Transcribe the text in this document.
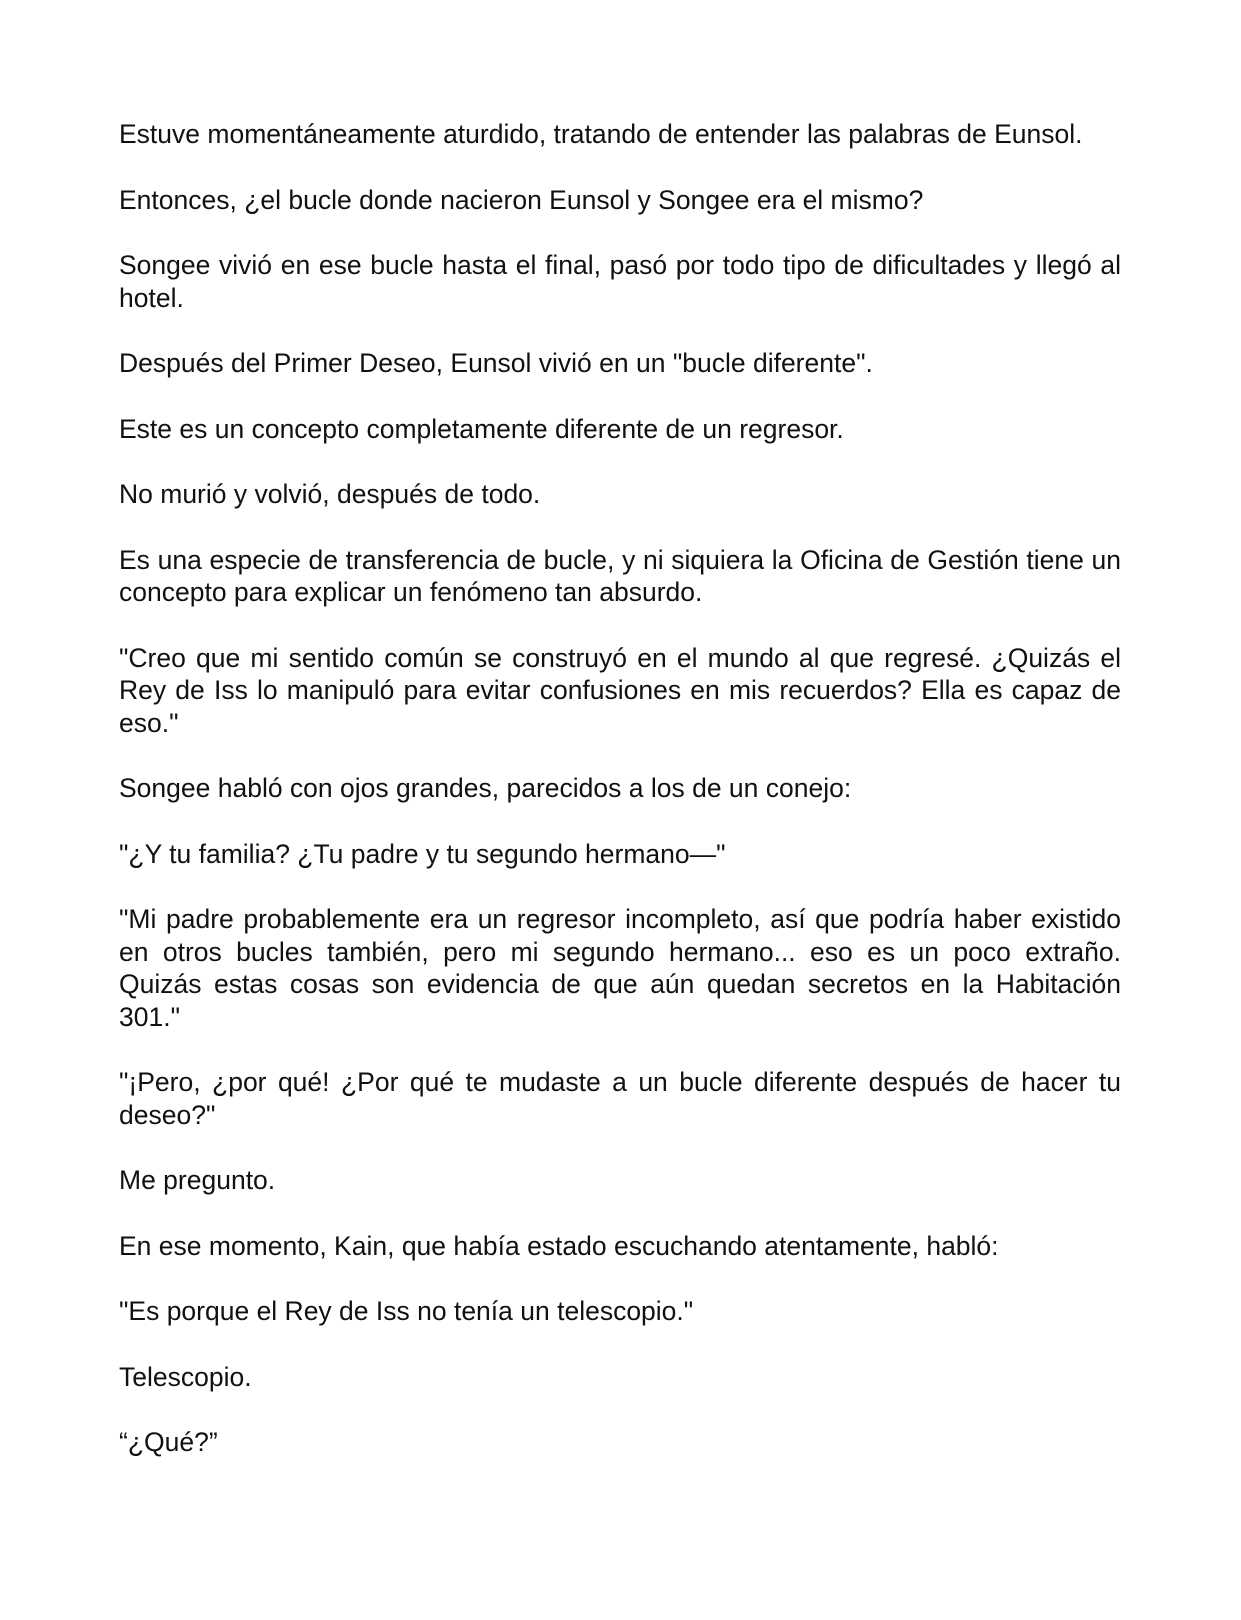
Estuve momentáneamente aturdido, tratando de entender las palabras de Eunsol.

Entonces, ¿el bucle donde nacieron Eunsol y Songee era el mismo?

Songee vivió en ese bucle hasta el final, pasó por todo tipo de dificultades y llegó al hotel.

Después del Primer Deseo, Eunsol vivió en un "bucle diferente".

Este es un concepto completamente diferente de un regresor.

No murió y volvió, después de todo.

Es una especie de transferencia de bucle, y ni siquiera la Oficina de Gestión tiene un concepto para explicar un fenómeno tan absurdo.

"Creo que mi sentido común se construyó en el mundo al que regresé. ¿Quizás el Rey de Iss lo manipuló para evitar confusiones en mis recuerdos? Ella es capaz de eso."

Songee habló con ojos grandes, parecidos a los de un conejo:

"¿Y tu familia? ¿Tu padre y tu segundo hermano—"

"Mi padre probablemente era un regresor incompleto, así que podría haber existido en otros bucles también, pero mi segundo hermano... eso es un poco extraño. Quizás estas cosas son evidencia de que aún quedan secretos en la Habitación 301."

"¡Pero, ¿por qué! ¿Por qué te mudaste a un bucle diferente después de hacer tu deseo?"

Me pregunto.

En ese momento, Kain, que había estado escuchando atentamente, habló:

"Es porque el Rey de Iss no tenía un telescopio."

Telescopio.

“¿Qué?”
